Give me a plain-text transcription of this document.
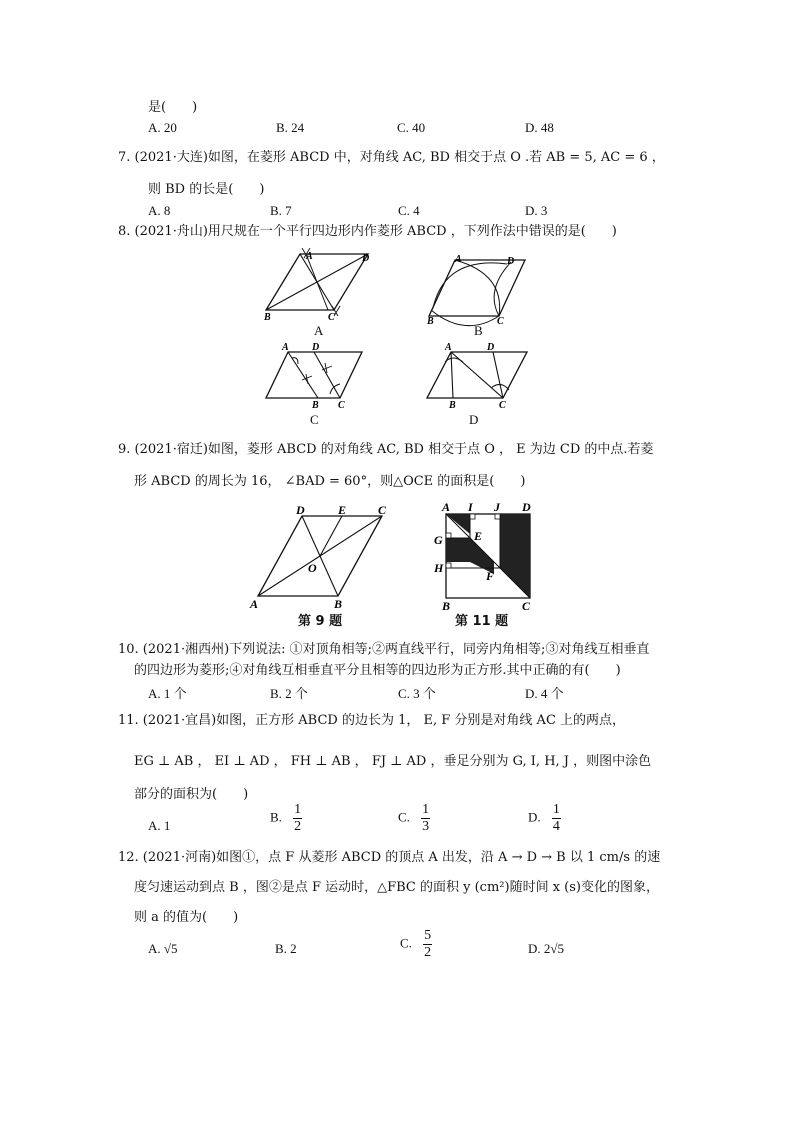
是(　　)
A. 20	B. 24	C. 40	D. 48
7. (2021·大连)如图，在菱形 ABCD 中，对角线 AC, BD 相交于点 O .若 AB = 5, AC = 6 ，
则 BD 的长是(　　)
A. 8	B. 7	C. 4	D. 3
8. (2021·舟山)用尺规在一个平行四边形内作菱形 ABCD ，下列作法中错误的是(　　)
A	D
B	C
A
A	D
B	C
B
A D
B C
C
A	D
B	C
D
9. (2021·宿迁)如图，菱形 ABCD 的对角线 AC, BD 相交于点 O ， E 为边 CD 的中点.若菱
形 ABCD 的周长为 16， ∠BAD = 60°，则△OCE 的面积是(　　)
D	E	C
O
A	B
第 9 题
A I J D
E
G
H
F
B	C
第 11 题
10. (2021·湘西州)下列说法: ①对顶角相等;②两直线平行，同旁内角相等;③对角线互相垂直
的四边形为菱形;④对角线互相垂直平分且相等的四边形为正方形.其中正确的有(　　)
A. 1 个	B. 2 个	C. 3 个	D. 4 个
11. (2021·宜昌)如图，正方形 ABCD 的边长为 1， E, F 分别是对角线 AC 上的两点，
EG ⊥ AB ， EI ⊥ AD ， FH ⊥ AB ， FJ ⊥ AD ，垂足分别为 G, I, H, J ，则图中涂色
部分的面积为(　　)
A. 1
B. $\frac{1}{2}$	C. $\frac{1}{3}$	D. $\frac{1}{4}$
12. (2021·河南)如图①，点 F 从菱形 ABCD 的顶点 A 出发，沿 A → D → B 以 1 cm/s 的速
度匀速运动到点 B ，图②是点 F 运动时，△FBC 的面积 y (cm²)随时间 x (s)变化的图象，
则 a 的值为(　　)
A. √5	B. 2	C. $\frac{5}{2}$	D. 2√5
